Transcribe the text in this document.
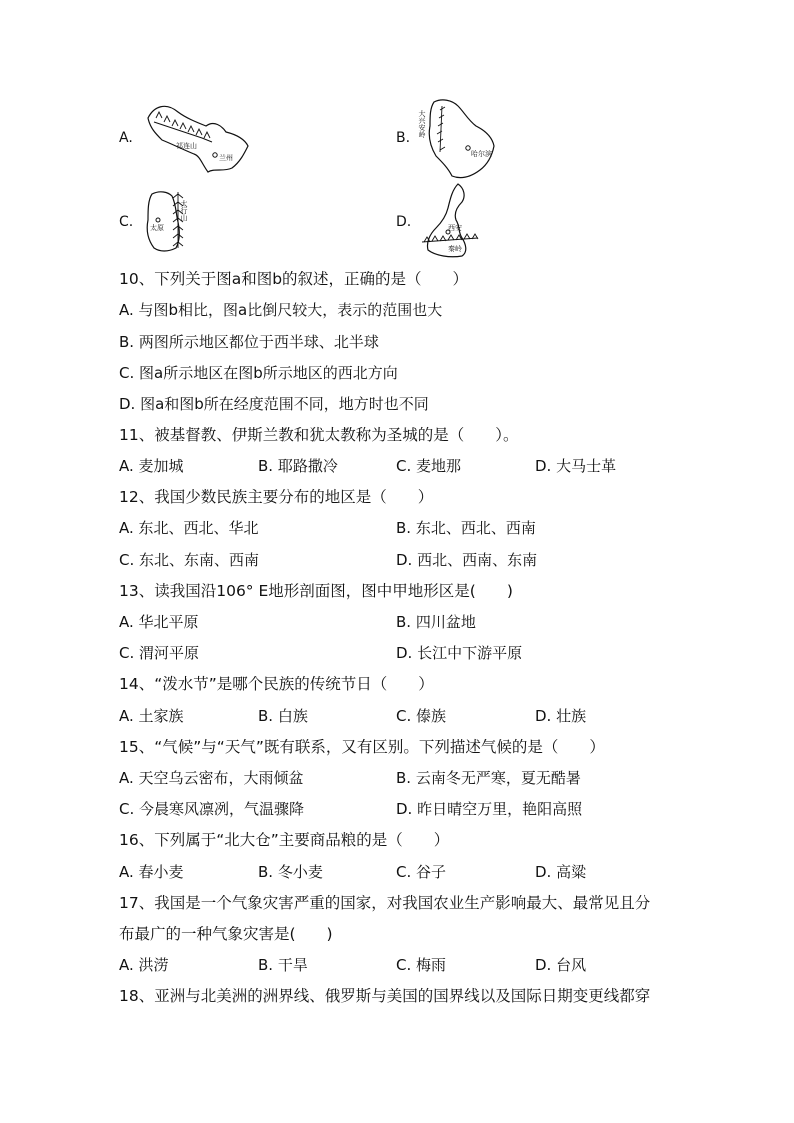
A.	祁连山
兰州
B. 大兴安岭
哈尔滨
C.
太行山
太原	D.	西安
秦岭
10、下列关于图a和图b的叙述，正确的是（　　）
A. 与图b相比，图a比倒尺较大，表示的范围也大
B. 两图所示地区都位于西半球、北半球
C. 图a所示地区在图b所示地区的西北方向
D. 图a和图b所在经度范围不同，地方时也不同
11、被基督教、伊斯兰教和犹太教称为圣城的是（　　）。
A. 麦加城	B. 耶路撒冷	C. 麦地那	D. 大马士革
12、我国少数民族主要分布的地区是（　　）
A. 东北、西北、华北	B. 东北、西北、西南
C. 东北、东南、西南	D. 西北、西南、东南
13、读我国沿106° E地形剖面图，图中甲地形区是(　　)
A. 华北平原	B. 四川盆地
C. 渭河平原	D. 长江中下游平原
14、“泼水节”是哪个民族的传统节日（　　）
A. 土家族	B. 白族	C. 傣族	D. 壮族
15、“气候”与“天气”既有联系，又有区别。下列描述气候的是（　　）
A. 天空乌云密布，大雨倾盆	B. 云南冬无严寒，夏无酷暑
C. 今晨寒风凛冽，气温骤降	D. 昨日晴空万里，艳阳高照
16、下列属于“北大仓”主要商品粮的是（　　）
A. 春小麦	B. 冬小麦	C. 谷子	D. 高粱
17、我国是一个气象灾害严重的国家，对我国农业生产影响最大、最常见且分
布最广的一种气象灾害是(　　)
A. 洪涝	B. 干旱	C. 梅雨	D. 台风
18、亚洲与北美洲的洲界线、俄罗斯与美国的国界线以及国际日期变更线都穿
